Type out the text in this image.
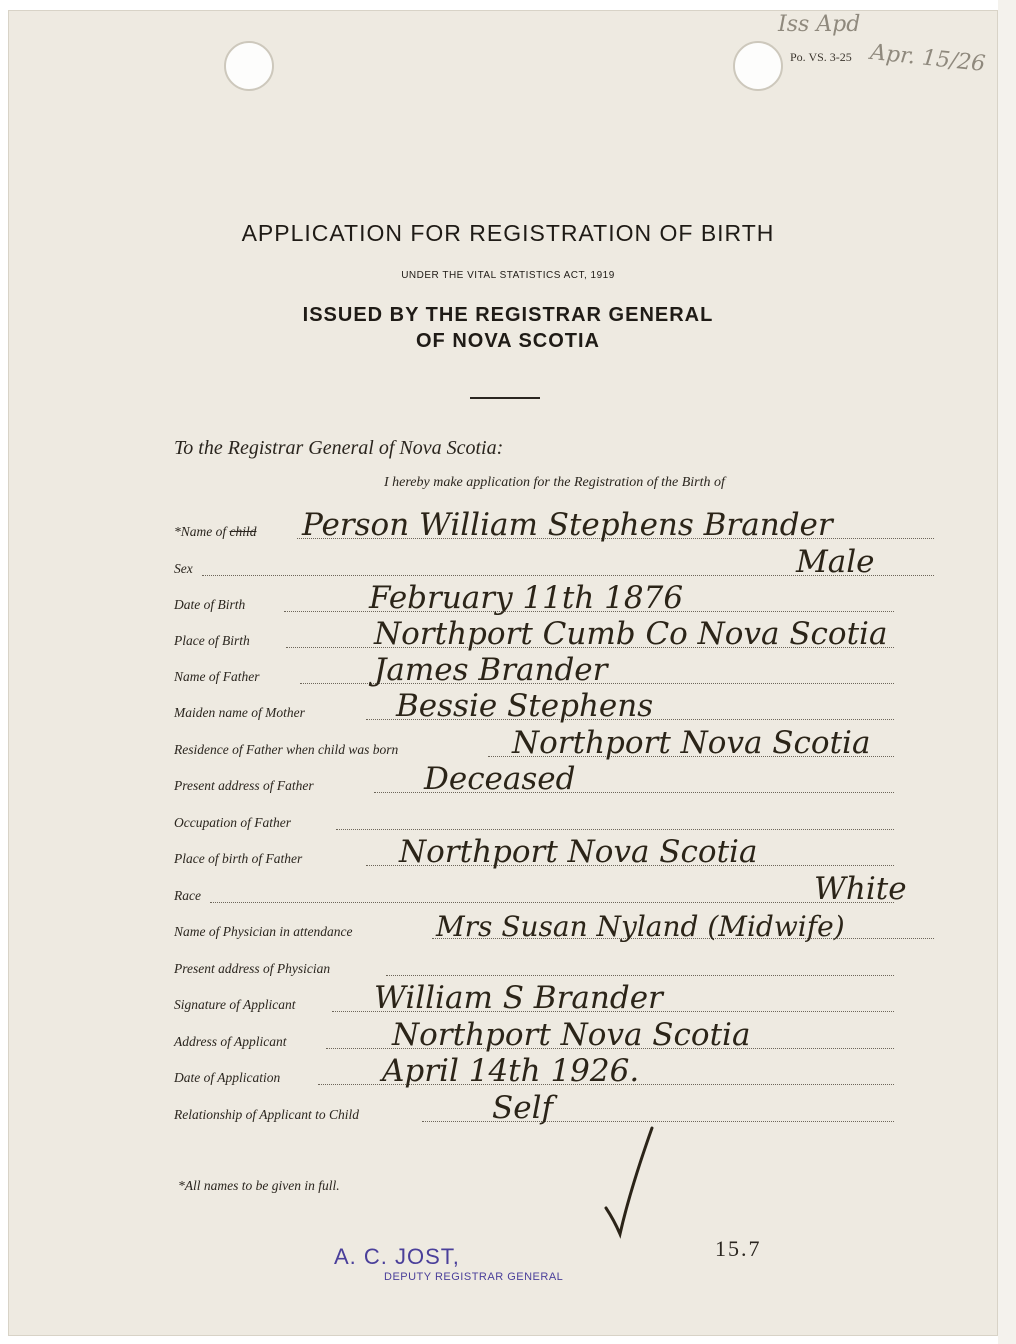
Po. VS. 3-25
Iss Apd
Apr. 15/26
APPLICATION FOR REGISTRATION OF BIRTH
UNDER THE VITAL STATISTICS ACT, 1919
ISSUED BY THE REGISTRAR GENERAL
OF NOVA SCOTIA
To the Registrar General of Nova Scotia:
I hereby make application for the Registration of the Birth of
*Name of child Person William Stephens Brander
Sex	Male
Date of Birth	February 11th 1876
Place of Birth	Northport Cumb Co Nova Scotia
Name of Father	James Brander
Maiden name of Mother	Bessie Stephens
Residence of Father when child was born	Northport Nova Scotia
Present address of Father	Deceased
Occupation of Father
Place of birth of Father	Northport Nova Scotia
Race	White
Name of Physician in attendance	Mrs Susan Nyland (Midwife)
Present address of Physician
Signature of Applicant	William S Brander
Address of Applicant	Northport Nova Scotia
Date of Application	April 14th 1926.
Relationship of Applicant to Child	Self
*All names to be given in full.
A. C. JOST,
DEPUTY REGISTRAR GENERAL
15.7
